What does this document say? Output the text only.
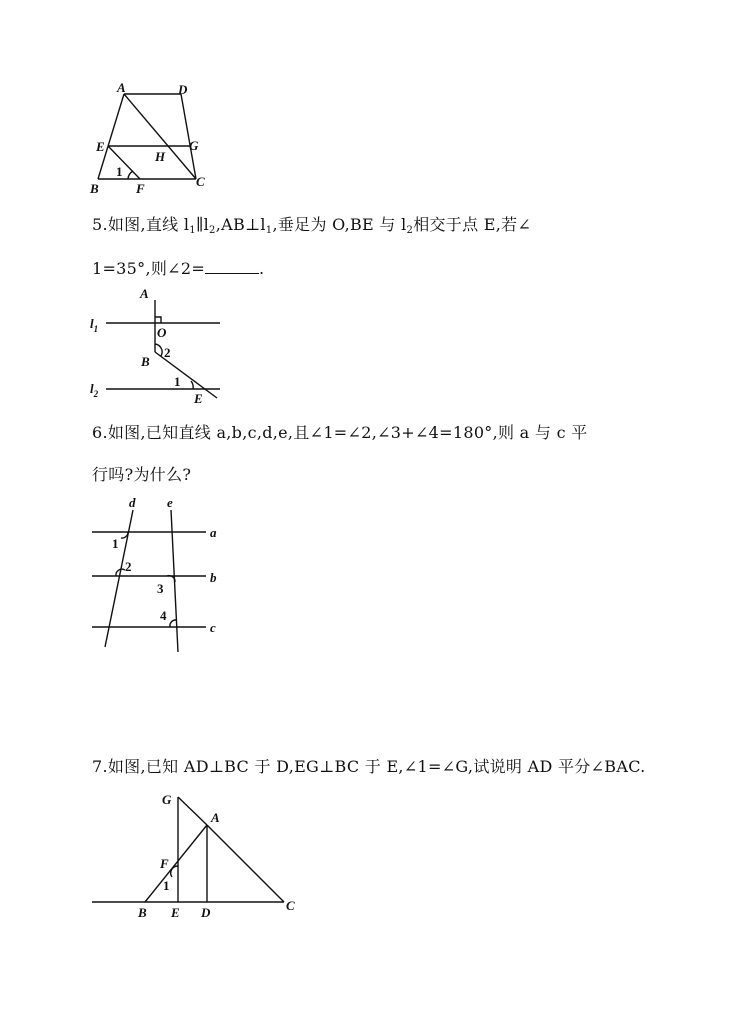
A	D
E	G
H
B	F	C
1
5.如图,直线 $l_1\parallel l_2,AB\perp l_1$,垂足为 O,BE 与 $l_2$相交于点 E,若∠
1=35°,则∠2=	.
A
O
B
E
2
1
$l_1$
$l_2$
6.如图,已知直线 a,b,c,d,e,且∠1=∠2,∠3+∠4=180°,则 a 与 c 平
行吗?为什么?
d e
a
b
c
1
2
3
4
7.如图,已知 AD⊥BC 于 D,EG⊥BC 于 E,∠1=∠G,试说明 AD 平分∠BAC.
G
A
F
1
B E D	C
